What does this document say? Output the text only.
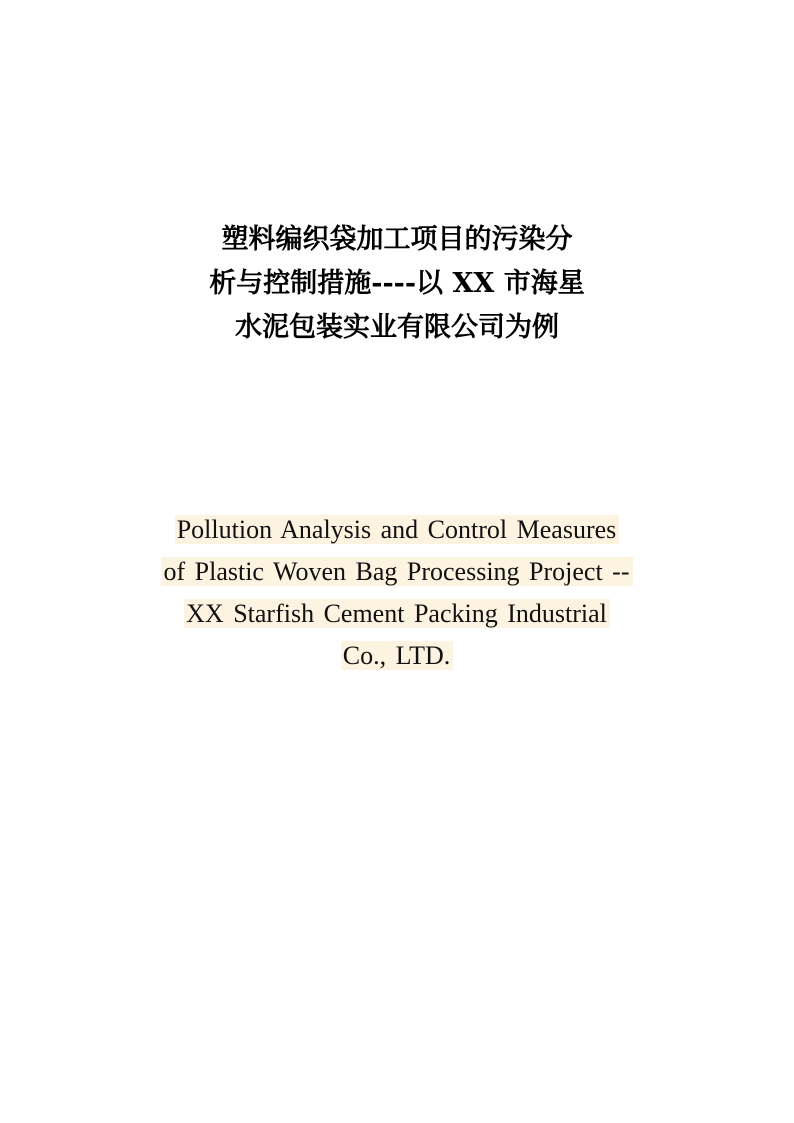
塑料编织袋加工项目的污染分
析与控制措施----以 XX 市海星
水泥包装实业有限公司为例
Pollution Analysis and Control Measures
of Plastic Woven Bag Processing Project --
XX Starfish Cement Packing Industrial
Co., LTD.
